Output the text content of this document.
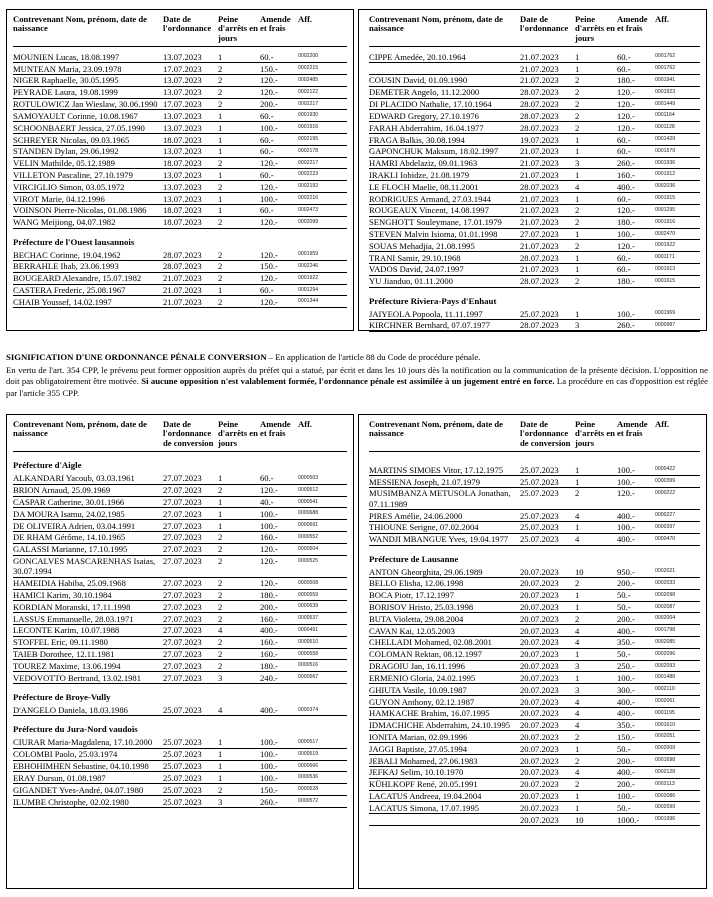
Contrevenant Nom, prénom, date de naissance
Date de l'ordonnance
Peine d'arrêts en jours
Amende et frais
Aff.
MOUNIEN Lucas, 18.08.1997	13.07.2023	1	60.-	0002200
MUNTEAN Maria, 23.09.1978	17.07.2023	2	150.-	0002215
NIGER Raphaelle, 30.05.1995	13.07.2023	2	120.-	0002485
PEYRADE Laura, 19.08.1999	13.07.2023	2	120.-	0002122
ROTULOWICZ Jan Wieslaw, 30.06.1990 17.07.2023	2	200.-	0002217
SAMOYAULT Corinne, 10.08.1967	13.07.2023	1	60.-	0001930
SCHOONBAERT Jessica, 27.05.1990	13.07.2023	1	100.-	0001916
SCHREYER Nicolas, 09.03.1965	18.07.2023	1	60.-	0002195
STANDEN Dylan, 29.06.1992	13.07.2023	1	60.-	0002178
VELIN Mathilde, 05.12.1989	18.07.2023	2	120.-	0002217
VILLETON Pascaline, 27.10.1979	13.07.2023	1	60.-	0002223
VIRCIGLIO Simon, 03.05.1972	13.07.2023	2	120.-	0002192
VIROT Marie, 04.12.1996	13.07.2023	1	100.-	0002216
VOINSON Pierre-Nicolas, 01.08.1986	18.07.2023	1	60.-	0002473
WANG Meijiong, 04.07.1982	18.07.2023	2	120.-	0002099
Préfecture de l'Ouest lausannois
BECHAC Corinne, 19.04.1962	28.07.2023	2	120.-	0001959
BERRAHLE Ihab, 23.06.1993	28.07.2023	2	150.-	0002246
BOUGEARD Alexandre, 15.07.1982	21.07.2023	2	120.-	0001922
CASTERA Frederic, 25.08.1967	21.07.2023	1	60.-	0001294
CHAIB Youssef, 14.02.1997	21.07.2023	2	120.-	0001344
Contrevenant Nom, prénom, date de naissance
Date de l'ordonnance
Peine d'arrêts en jours
Amende et frais
Aff.
CIPPE Amedée, 20.10.1964	21.07.2023	1	60.-	0001762
21.07.2023	1	60.-	0001762
COUSIN David, 01.09.1990	21.07.2023	2	180.-	0001941
DEMETER Angelo, 11.12.2000	28.07.2023	2	120.-	0001923
DI PLACIDO Nathalie, 17.10.1964	28.07.2023	2	120.-	0001449
EDWARD Gregory, 27.10.1976	28.07.2023	2	120.-	0001164
FARAH Abderrahim, 16.04.1977	28.07.2023	2	120.-	0001128
FRAGA Balkis, 30.08.1994	19.07.2023	1	60.-	0001429
GAPONCHUK Maksum, 18.02.1997	21.07.2023	1	60.-	0001579
HAMRI Abdelaziz, 09.01.1963	21.07.2023	3	260.-	0001936
IRAKLI Iobidze, 21.08.1979	21.07.2023	1	160.-	0001912
LE FLOCH Maelie, 08.11.2001	28.07.2023	4	400.-	0002036
RODRIGUES Armand, 27.03.1944	21.07.2023	1	60.-	0001915
ROUGEAUX Vincent, 14.08.1997	21.07.2023	2	120.-	0001295
SENGHOTT Souleymane, 17.01.1979	21.07.2023	2	180.-	0001916
STEVEN Malvin Isioma, 01.01.1998	27.07.2023	1	100.-	0002470
SOUAS Mehadjia, 21.08.1995	21.07.2023	2	120.-	0001922
TRANI Samir, 29.10.1968	28.07.2023	1	60.-	0001171
VADOS David, 24.07.1997	21.07.2023	1	60.-	0001913
YU Jianduo, 01.11.2000	28.07.2023	2	180.-	0001615
Préfecture Riviera-Pays d'Enhaut
JAIYEOLA Popoola, 11.11.1997	25.07.2023	1	100.-	0001969
KIRCHNER Bernhard, 07.07.1977	28.07.2023	3	260.-	0000987

SIGNIFICATION D'UNE ORDONNANCE PÉNALE CONVERSION – En application de l'article 88 du Code de procédure pénale.

En vertu de l'art. 354 CPP, le prévenu peut former opposition auprès du préfet qui a statué, par écrit et dans les 10 jours dès la notification ou la communication de la présente décision. L'opposition ne doit pas obligatoirement être motivée. Si aucune opposition n'est valablement formée, l'ordonnance pénale est assimilée à un jugement entré en force. La procédure en cas d'opposition est réglée par l'article 355 CPP.

Contrevenant Nom, prénom, date de naissance
Date de l'ordonnance de conversion
Peine d'arrêts en jours
Amende et frais
Aff.
Préfecture d'Aigle
ALKANDARI Yacoub, 03.03.1961	27.07.2023	1	60.-	0000503
BRION Arnaud, 25.09.1969	27.07.2023	2	120.-	0000512
CASPAR Catherine, 30.01.1966	27.07.2023	1	40.-	0000541
DA MOURA Isamu, 24.02.1985	27.07.2023	1	100.-	0000688
DE OLIVEIRA Adrien, 03.04.1991	27.07.2023	1	100.-	0000691
DE RHAM Gérôme, 14.10.1965	27.07.2023	2	160.-	0000552
GALASSI Marianne, 17.10.1995	27.07.2023	2	120.-	0000504
GONCALVES MASCARENHAS Isaias, 30.07.1994
27.07.2023	2	120.-	0000525
HAMEIDIA Habiba, 25.09.1968	27.07.2023	2	120.-	0000508
HAMICI Karim, 30.10.1984	27.07.2023	2	180.-	0000559
KORDIAN Moranski, 17.11.1998	27.07.2023	2	200.-	0000639
LASSUS Emmanuelle, 28.03.1971	27.07.2023	2	160.-	0000537
LECONTE Karim, 10.07.1988	27.07.2023	4	400.-	0000491
STOFFEL Eric, 09.11.1980	27.07.2023	2	160.-	0000510
TAIEB Dorothee, 12.11.1981	27.07.2023	2	160.-	0000558
TOUREZ Maxime, 13.06.1994	27.07.2023	2	180.-	0000516
VEDOVOTTO Bertrand, 13.02.1981	27.07.2023	3	240.-	0000567
Préfecture de Broye-Vully
D'ANGELO Daniela, 18.03.1986	25.07.2023	4	400.-	0000374
Préfecture du Jura-Nord vaudois
CIURAR Maria-Magdalena, 17.10.2000	25.07.2023	1	100.-	0000517
COLOMBI Paolo, 25.03.1974	25.07.2023	1	100.-	0000519
EBHOHIMHEN Sebastine, 04.10.1998	25.07.2023	1	100.-	0000666
ERAY Dursun, 01.08.1987	25.07.2023	1	100.-	0000536
GIGANDET Yves-André, 04.07.1980	25.07.2023	2	150.-	0000528
ILUMBE Christophe, 02.02.1980	25.07.2023	3	260.-	0000572
Contrevenant Nom, prénom, date de naissance
Date de l'ordonnance de conversion
Peine d'arrêts en jours
Amende et frais
Aff.
MARTINS SIMOES Vitor, 17.12.1975	25.07.2023	1	100.-	0000422
MESSIENA Joseph, 21.07.1979	25.07.2023	1	100.-	0000399
MUSIMBANZA METUSOLA Jonathan, 07.11.1989
25.07.2023	2	120.-	0000222
PIRES Amélie, 24.06.2000	25.07.2023	4	400.-	0000227
THIOUNE Serigne, 07.02.2004	25.07.2023	1	100.-	0000397
WANDJI MBANGUE Yves, 19.04.1977	25.07.2023	4	400.-	0000470
Préfecture de Lausanne
ANTON Gheorghita, 29.06.1989	20.07.2023	10	950.-	0002021
BELLO Elisha, 12.06.1998	20.07.2023	2	200.-	0002033
BOCA Piotr, 17.12.1997	20.07.2023	1	50.-	0002098
BORISOV Hristo, 25.03.1998	20.07.2023	1	50.-	0002087
BUTA Violetta, 29.08.2004	20.07.2023	2	200.-	0002004
CAVAN Kai, 12.05.2003	20.07.2023	4	400.-	0001798
CHELLADI Mohamed, 02.08.2001	20.07.2023	4	350.-	0002085
COLOMAN Rektan, 08.12.1997	20.07.2023	1	50.-	0002096
DRAGOIU Jan, 16.11.1996	20.07.2023	3	250.-	0002093
ERMENIO Gloria, 24.02.1995	20.07.2023	1	100.-	0001488
GHIUTA Vasile, 10.09.1987	20.07.2023	3	300.-	0002110
GUYON Anthony, 02.12.1987	20.07.2023	4	400.-	0002061
HAMKACHE Brahim, 16.07.1995	20.07.2023	4	400.-	0001195
IDMACHICHE Abderrahim, 24.10.1995	20.07.2023	4	350.-	0001610
IONITA Marian, 02.09.1996	20.07.2023	2	150.-	0002051
JAGGI Baptiste, 27.05.1994	20.07.2023	1	50.-	0002009
JEBALI Mohamed, 27.06.1983	20.07.2023	2	200.-	0001698
JEFKAJ Selim, 10.10.1970	20.07.2023	4	400.-	0002128
KÜHLKOPF René, 20.05.1991	20.07.2023	2	200.-	0002113
LACATUS Andreea, 19.04.2004	20.07.2023	1	100.-	0002086
LACATUS Simona, 17.07.1995	20.07.2023	1	50.-	0002099
20.07.2023	10	1000.-	0001996
